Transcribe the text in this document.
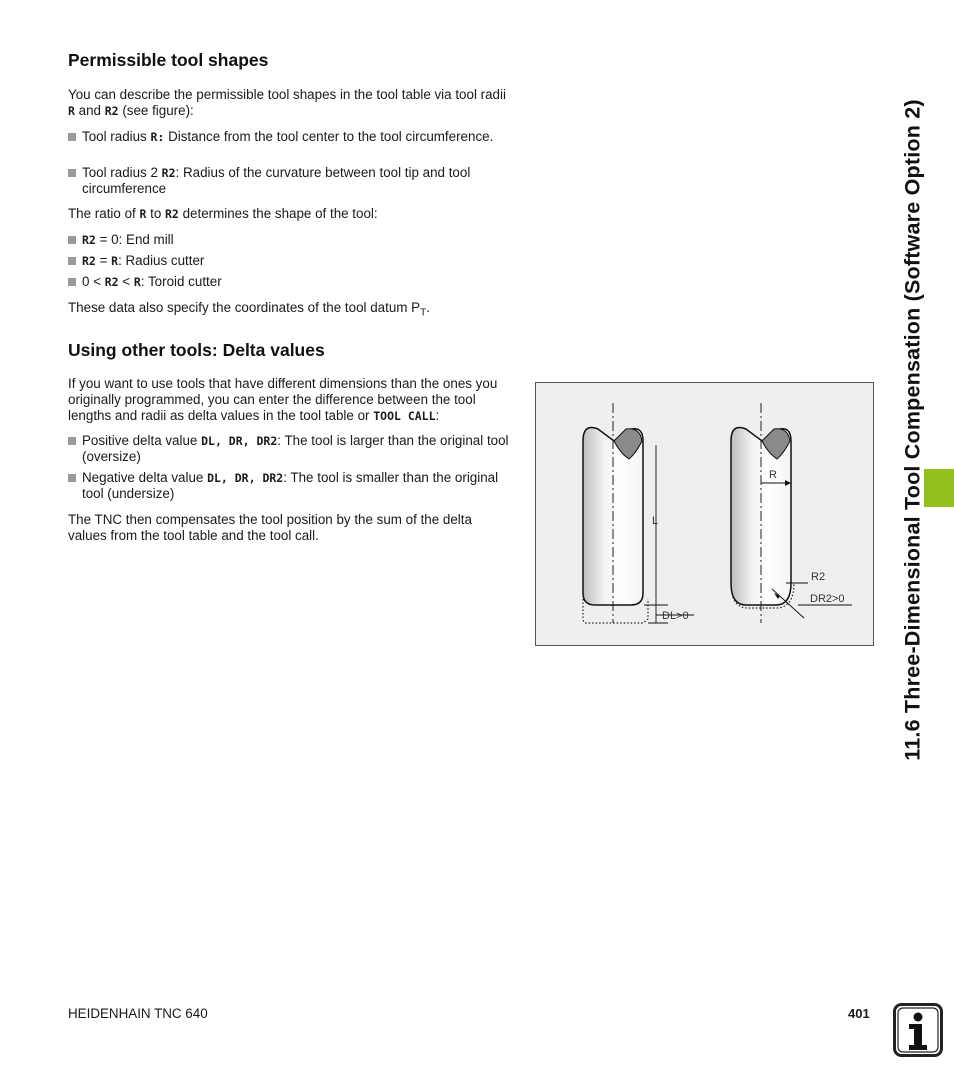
Permissible tool shapes

You can describe the permissible tool shapes in the tool table via tool radii R and R2 (see figure):

Tool radius R: Distance from the tool center to the tool circumference.
Tool radius 2 R2: Radius of the curvature between tool tip and tool circumference

The ratio of R to R2 determines the shape of the tool:

R2 = 0: End mill
R2 = R: Radius cutter
0 < R2 < R: Toroid cutter

These data also specify the coordinates of the tool datum $P_T$.

Using other tools: Delta values

If you want to use tools that have different dimensions than the ones you originally programmed, you can enter the difference between the tool lengths and radii as delta values in the tool table or TOOL CALL:

Positive delta value DL, DR, DR2: The tool is larger than the original tool (oversize)
Negative delta value DL, DR, DR2: The tool is smaller than the original tool (undersize)

The TNC then compensates the tool position by the sum of the delta values from the tool table and the tool call.

L
DL>0
R
R2
DR2>0	11.6 Three-Dimensional Tool Compensation (Software Option 2)
HEIDENHAIN TNC 640	401
